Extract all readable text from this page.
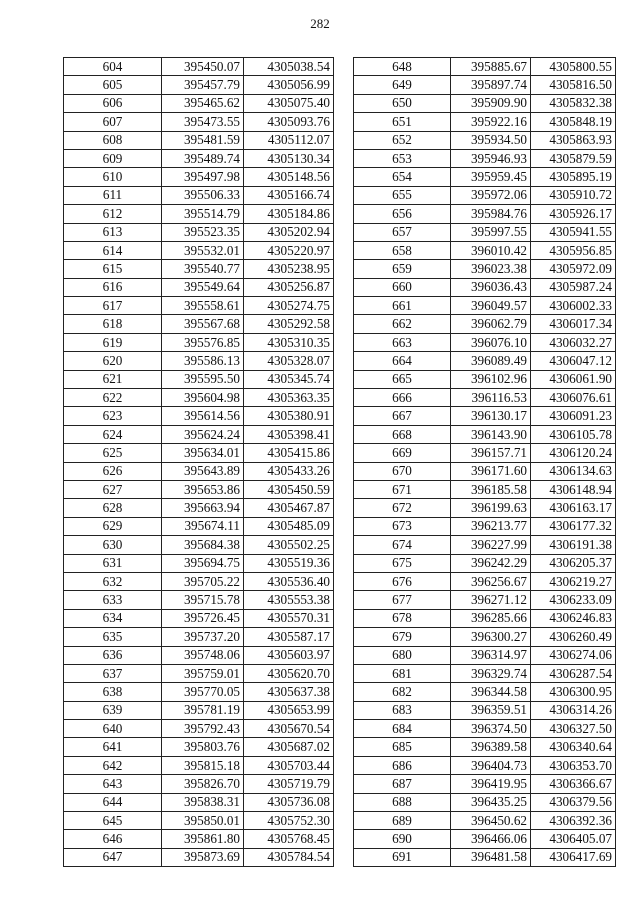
282
604	395450.07	4305038.54
605	395457.79	4305056.99
606	395465.62	4305075.40
607	395473.55	4305093.76
608	395481.59	4305112.07
609	395489.74	4305130.34
610	395497.98	4305148.56
611	395506.33	4305166.74
612	395514.79	4305184.86
613	395523.35	4305202.94
614	395532.01	4305220.97
615	395540.77	4305238.95
616	395549.64	4305256.87
617	395558.61	4305274.75
618	395567.68	4305292.58
619	395576.85	4305310.35
620	395586.13	4305328.07
621	395595.50	4305345.74
622	395604.98	4305363.35
623	395614.56	4305380.91
624	395624.24	4305398.41
625	395634.01	4305415.86
626	395643.89	4305433.26
627	395653.86	4305450.59
628	395663.94	4305467.87
629	395674.11	4305485.09
630	395684.38	4305502.25
631	395694.75	4305519.36
632	395705.22	4305536.40
633	395715.78	4305553.38
634	395726.45	4305570.31
635	395737.20	4305587.17
636	395748.06	4305603.97
637	395759.01	4305620.70
638	395770.05	4305637.38
639	395781.19	4305653.99
640	395792.43	4305670.54
641	395803.76	4305687.02
642	395815.18	4305703.44
643	395826.70	4305719.79
644	395838.31	4305736.08
645	395850.01	4305752.30
646	395861.80	4305768.45
647	395873.69	4305784.54
648	395885.67	4305800.55
649	395897.74	4305816.50
650	395909.90	4305832.38
651	395922.16	4305848.19
652	395934.50	4305863.93
653	395946.93	4305879.59
654	395959.45	4305895.19
655	395972.06	4305910.72
656	395984.76	4305926.17
657	395997.55	4305941.55
658	396010.42	4305956.85
659	396023.38	4305972.09
660	396036.43	4305987.24
661	396049.57	4306002.33
662	396062.79	4306017.34
663	396076.10	4306032.27
664	396089.49	4306047.12
665	396102.96	4306061.90
666	396116.53	4306076.61
667	396130.17	4306091.23
668	396143.90	4306105.78
669	396157.71	4306120.24
670	396171.60	4306134.63
671	396185.58	4306148.94
672	396199.63	4306163.17
673	396213.77	4306177.32
674	396227.99	4306191.38
675	396242.29	4306205.37
676	396256.67	4306219.27
677	396271.12	4306233.09
678	396285.66	4306246.83
679	396300.27	4306260.49
680	396314.97	4306274.06
681	396329.74	4306287.54
682	396344.58	4306300.95
683	396359.51	4306314.26
684	396374.50	4306327.50
685	396389.58	4306340.64
686	396404.73	4306353.70
687	396419.95	4306366.67
688	396435.25	4306379.56
689	396450.62	4306392.36
690	396466.06	4306405.07
691	396481.58	4306417.69
